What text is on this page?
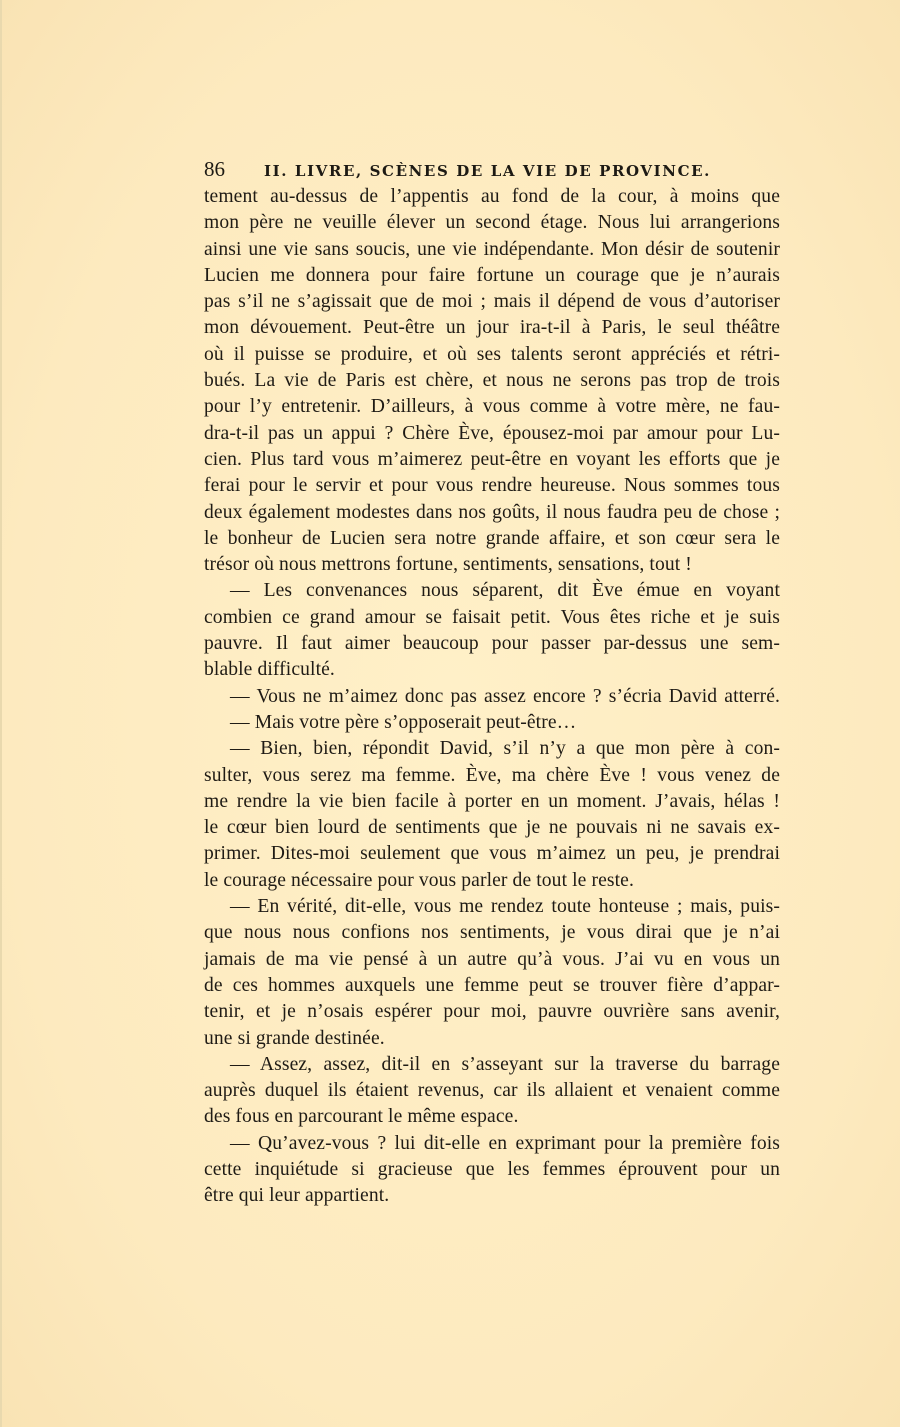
86	II. LIVRE, SCÈNES DE LA VIE DE PROVINCE.
tement au-dessus de l’appentis au fond de la cour, à moins que
mon père ne veuille élever un second étage. Nous lui arrangerions
ainsi une vie sans soucis, une vie indépendante. Mon désir de soutenir
Lucien me donnera pour faire fortune un courage que je n’aurais
pas s’il ne s’agissait que de moi ; mais il dépend de vous d’autoriser
mon dévouement. Peut-être un jour ira-t-il à Paris, le seul théâtre
où il puisse se produire, et où ses talents seront appréciés et rétri-
bués. La vie de Paris est chère, et nous ne serons pas trop de trois
pour l’y entretenir. D’ailleurs, à vous comme à votre mère, ne fau-
dra-t-il pas un appui ? Chère Ève, épousez-moi par amour pour Lu-
cien. Plus tard vous m’aimerez peut-être en voyant les efforts que je
ferai pour le servir et pour vous rendre heureuse. Nous sommes tous
deux également modestes dans nos goûts, il nous faudra peu de chose ;
le bonheur de Lucien sera notre grande affaire, et son cœur sera le
trésor où nous mettrons fortune, sentiments, sensations, tout !
— Les convenances nous séparent, dit Ève émue en voyant
combien ce grand amour se faisait petit. Vous êtes riche et je suis
pauvre. Il faut aimer beaucoup pour passer par-dessus une sem-
blable difficulté.
— Vous ne m’aimez donc pas assez encore ? s’écria David atterré.
— Mais votre père s’opposerait peut-être…
— Bien, bien, répondit David, s’il n’y a que mon père à con-
sulter, vous serez ma femme. Ève, ma chère Ève ! vous venez de
me rendre la vie bien facile à porter en un moment. J’avais, hélas !
le cœur bien lourd de sentiments que je ne pouvais ni ne savais ex-
primer. Dites-moi seulement que vous m’aimez un peu, je prendrai
le courage nécessaire pour vous parler de tout le reste.
— En vérité, dit-elle, vous me rendez toute honteuse ; mais, puis-
que nous nous confions nos sentiments, je vous dirai que je n’ai
jamais de ma vie pensé à un autre qu’à vous. J’ai vu en vous un
de ces hommes auxquels une femme peut se trouver fière d’appar-
tenir, et je n’osais espérer pour moi, pauvre ouvrière sans avenir,
une si grande destinée.
— Assez, assez, dit-il en s’asseyant sur la traverse du barrage
auprès duquel ils étaient revenus, car ils allaient et venaient comme
des fous en parcourant le même espace.
— Qu’avez-vous ? lui dit-elle en exprimant pour la première fois
cette inquiétude si gracieuse que les femmes éprouvent pour un
être qui leur appartient.
